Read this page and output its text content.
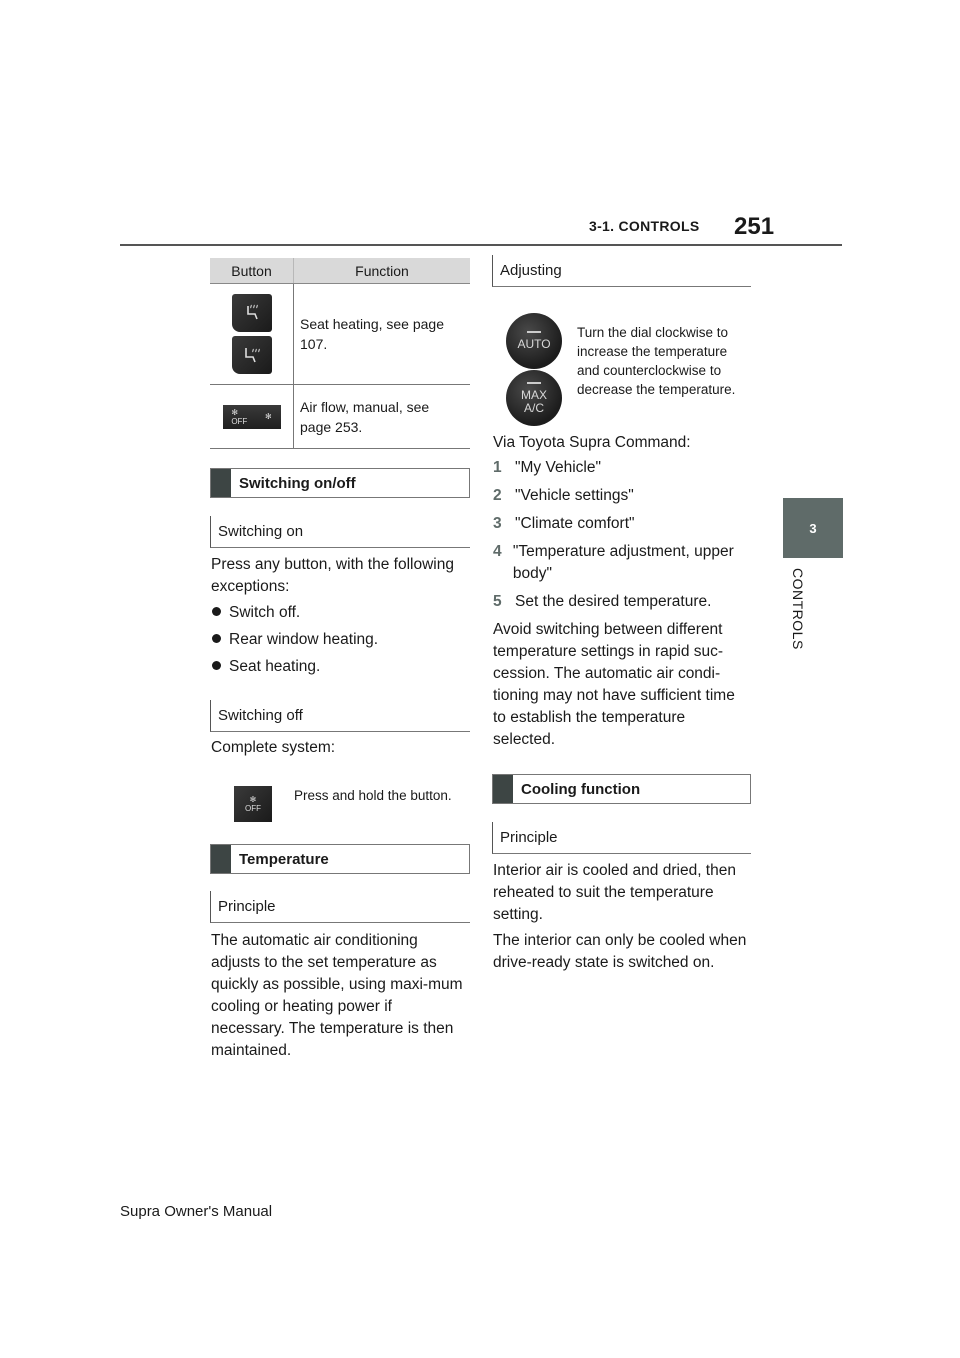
3-1. CONTROLS 251
3
CONTROLS
Button	Function
Seat heating, see page 107.
✻
OFF ✻
Air flow, manual, see page 253.
Switching on/off
Switching on
Press any button, with the following exceptions:
Switch off.
Rear window heating.
Seat heating.
Switching off
Complete system:
✻
OFF
Press and hold the button.
Temperature
Principle
The automatic air conditioning adjusts to the set temperature as quickly as possible, using maxi-mum cooling or heating power if necessary. The temperature is then maintained.
Adjusting
AUTO
MAX
A/C
Turn the dial clockwise to increase the temperature and counterclockwise to decrease the temperature.
Via Toyota Supra Command:
1 "My Vehicle"
2 "Vehicle settings"
3 "Climate comfort"
4 "Temperature adjustment, upper body"
5 Set the desired temperature.
Avoid switching between different temperature settings in rapid suc-cession. The automatic air condi-tioning may not have sufficient time to establish the temperature selected.
Cooling function
Principle
Interior air is cooled and dried, then reheated to suit the temperature setting.
The interior can only be cooled when drive-ready state is switched on.
Supra Owner's Manual
